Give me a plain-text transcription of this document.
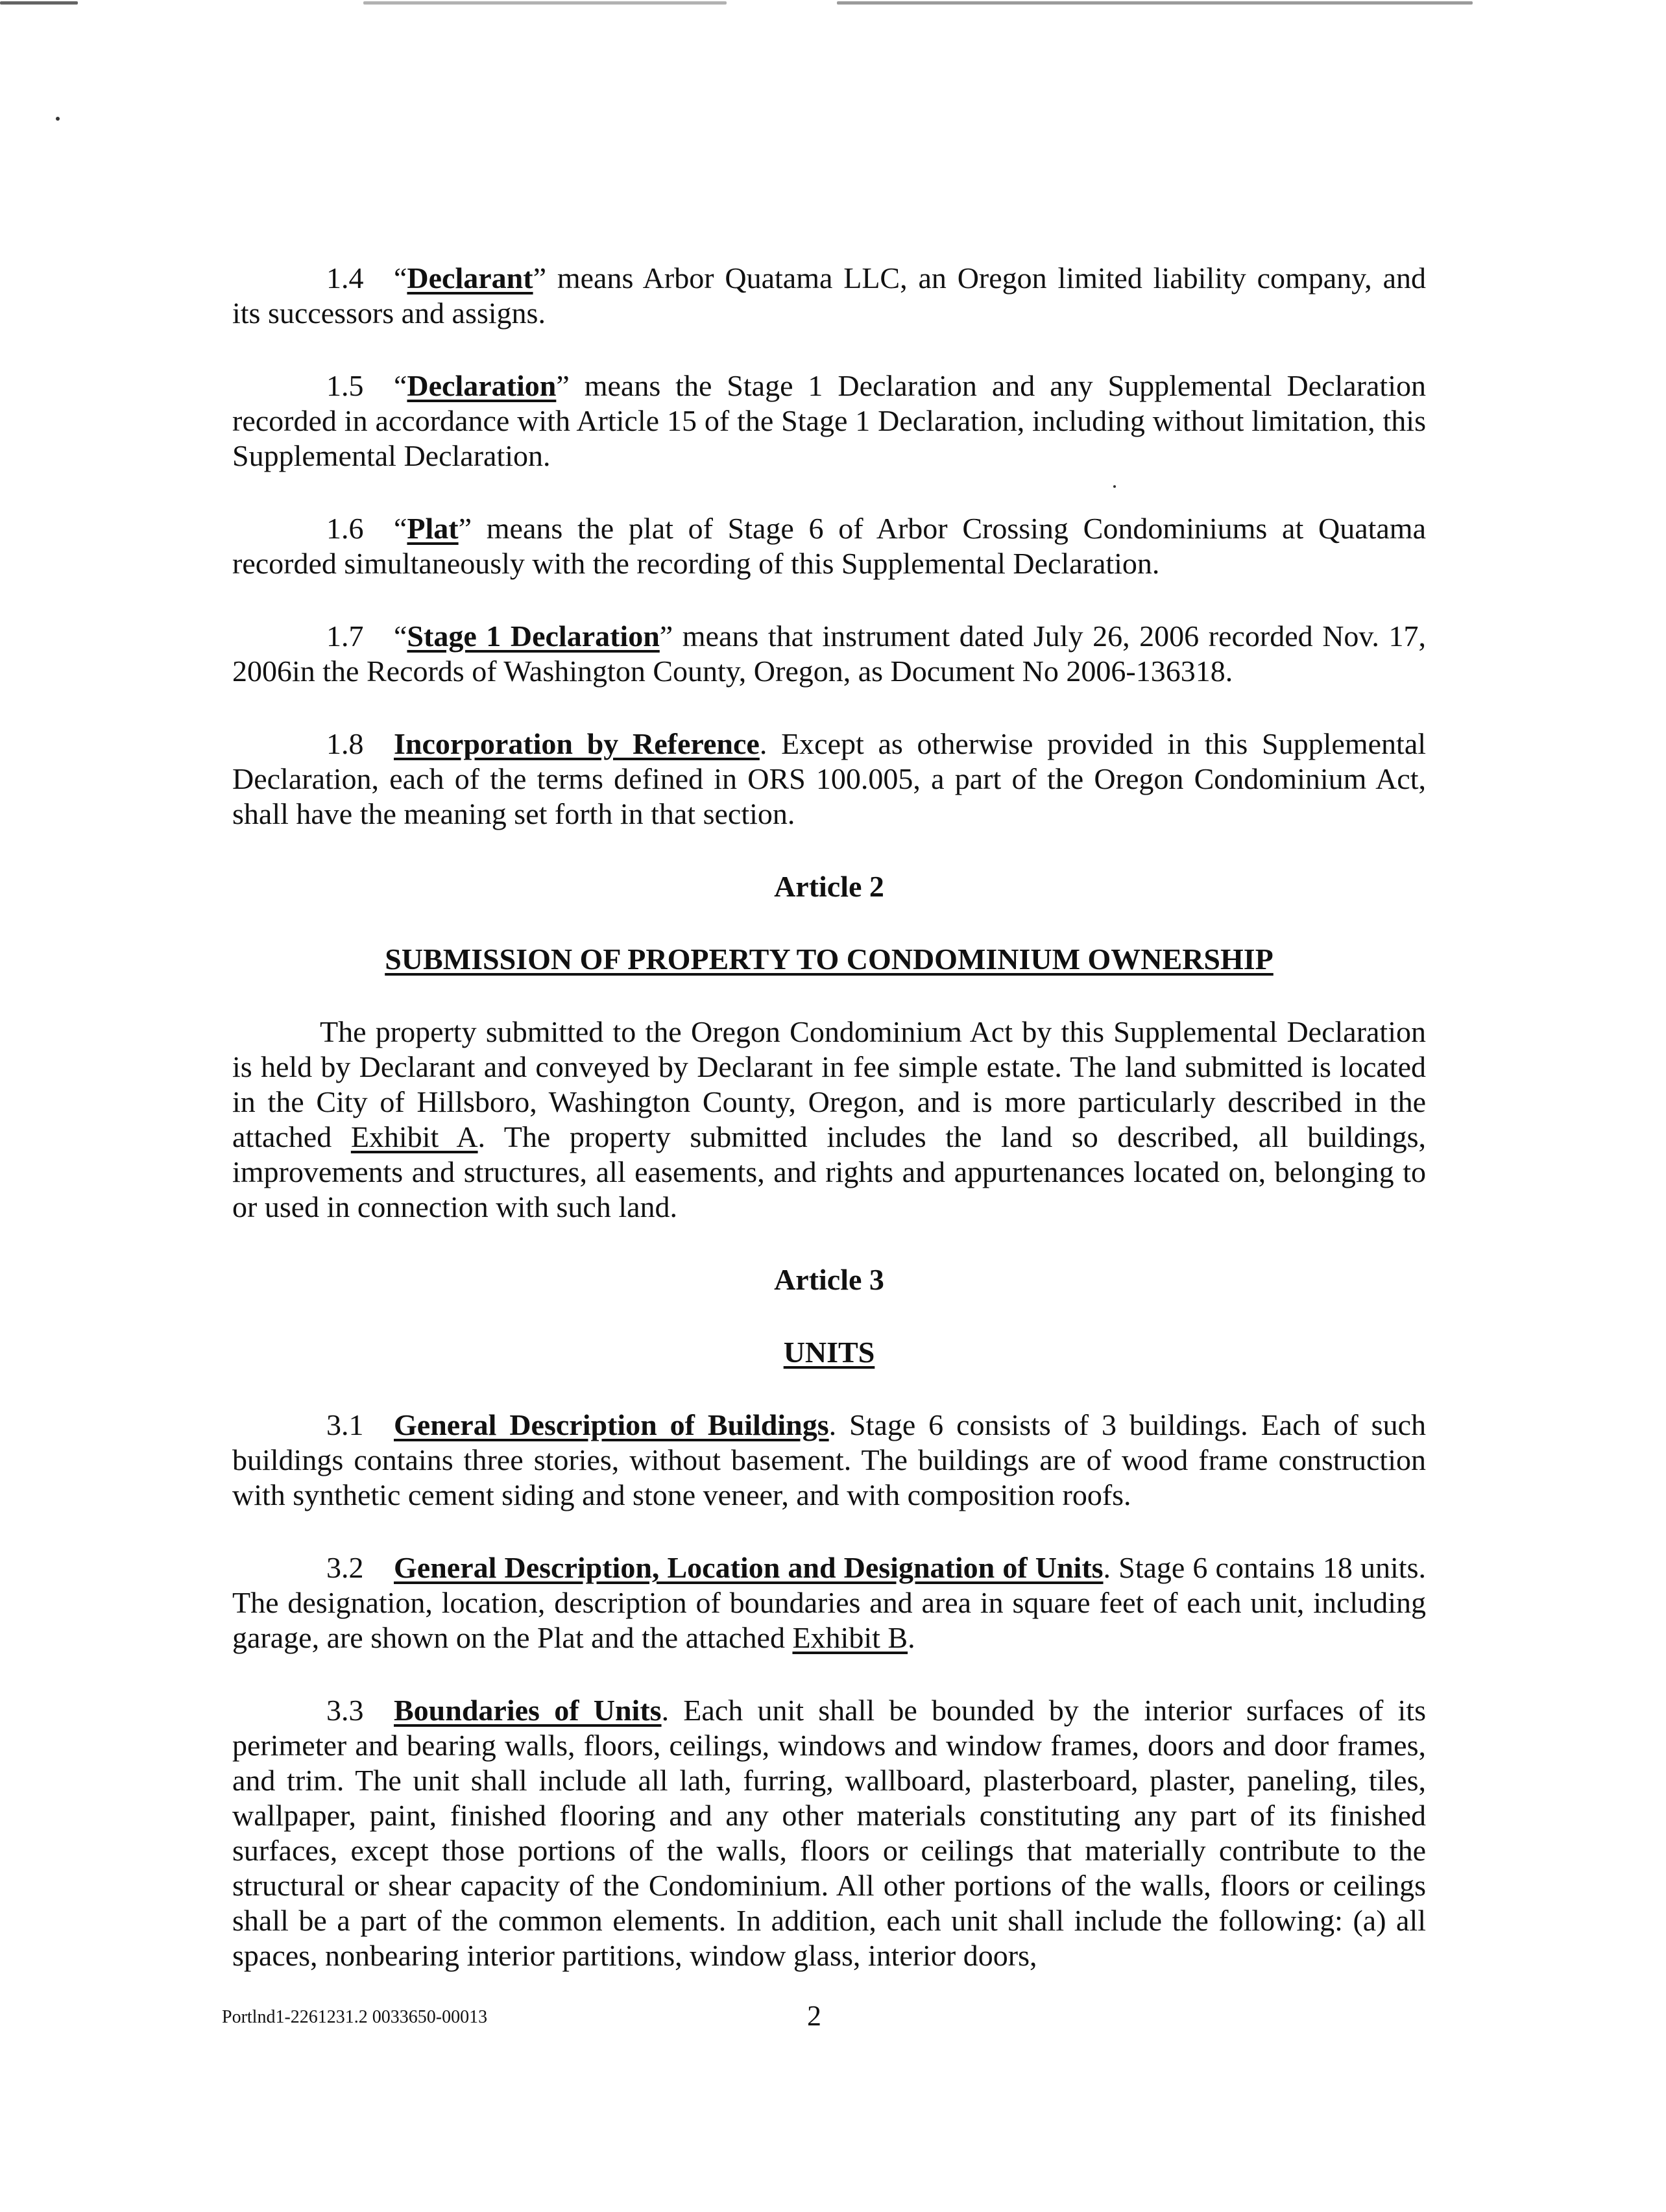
1.4 “Declarant” means Arbor Quatama LLC, an Oregon limited liability company, and its successors and assigns.

1.5 “Declaration” means the Stage 1 Declaration and any Supplemental Declaration recorded in accordance with Article 15 of the Stage 1 Declaration, including without limitation, this Supplemental Declaration.

1.6 “Plat” means the plat of Stage 6 of Arbor Crossing Condominiums at Quatama recorded simultaneously with the recording of this Supplemental Declaration.

1.7 “Stage 1 Declaration” means that instrument dated July 26, 2006 recorded Nov. 17, 2006in the Records of Washington County, Oregon, as Document No 2006-136318.

1.8 Incorporation by Reference. Except as otherwise provided in this Supplemental Declaration, each of the terms defined in ORS 100.005, a part of the Oregon Condominium Act, shall have the meaning set forth in that section.

Article 2
SUBMISSION OF PROPERTY TO CONDOMINIUM OWNERSHIP

The property submitted to the Oregon Condominium Act by this Supplemental Declaration is held by Declarant and conveyed by Declarant in fee simple estate. The land submitted is located in the City of Hillsboro, Washington County, Oregon, and is more particularly described in the attached Exhibit A. The property submitted includes the land so described, all buildings, improvements and structures, all easements, and rights and appurtenances located on, belonging to or used in connection with such land.

Article 3
UNITS

3.1 General Description of Buildings. Stage 6 consists of 3 buildings. Each of such buildings contains three stories, without basement. The buildings are of wood frame construction with synthetic cement siding and stone veneer, and with composition roofs.

3.2 General Description, Location and Designation of Units. Stage 6 contains 18 units. The designation, location, description of boundaries and area in square feet of each unit, including garage, are shown on the Plat and the attached Exhibit B.

3.3 Boundaries of Units. Each unit shall be bounded by the interior surfaces of its perimeter and bearing walls, floors, ceilings, windows and window frames, doors and door frames, and trim. The unit shall include all lath, furring, wallboard, plasterboard, plaster, paneling, tiles, wallpaper, paint, finished flooring and any other materials constituting any part of its finished surfaces, except those portions of the walls, floors or ceilings that materially contribute to the structural or shear capacity of the Condominium. All other portions of the walls, floors or ceilings shall be a part of the common elements. In addition, each unit shall include the following: (a) all spaces, nonbearing interior partitions, window glass, interior doors,

Portlnd1-2261231.2 0033650-00013	2
